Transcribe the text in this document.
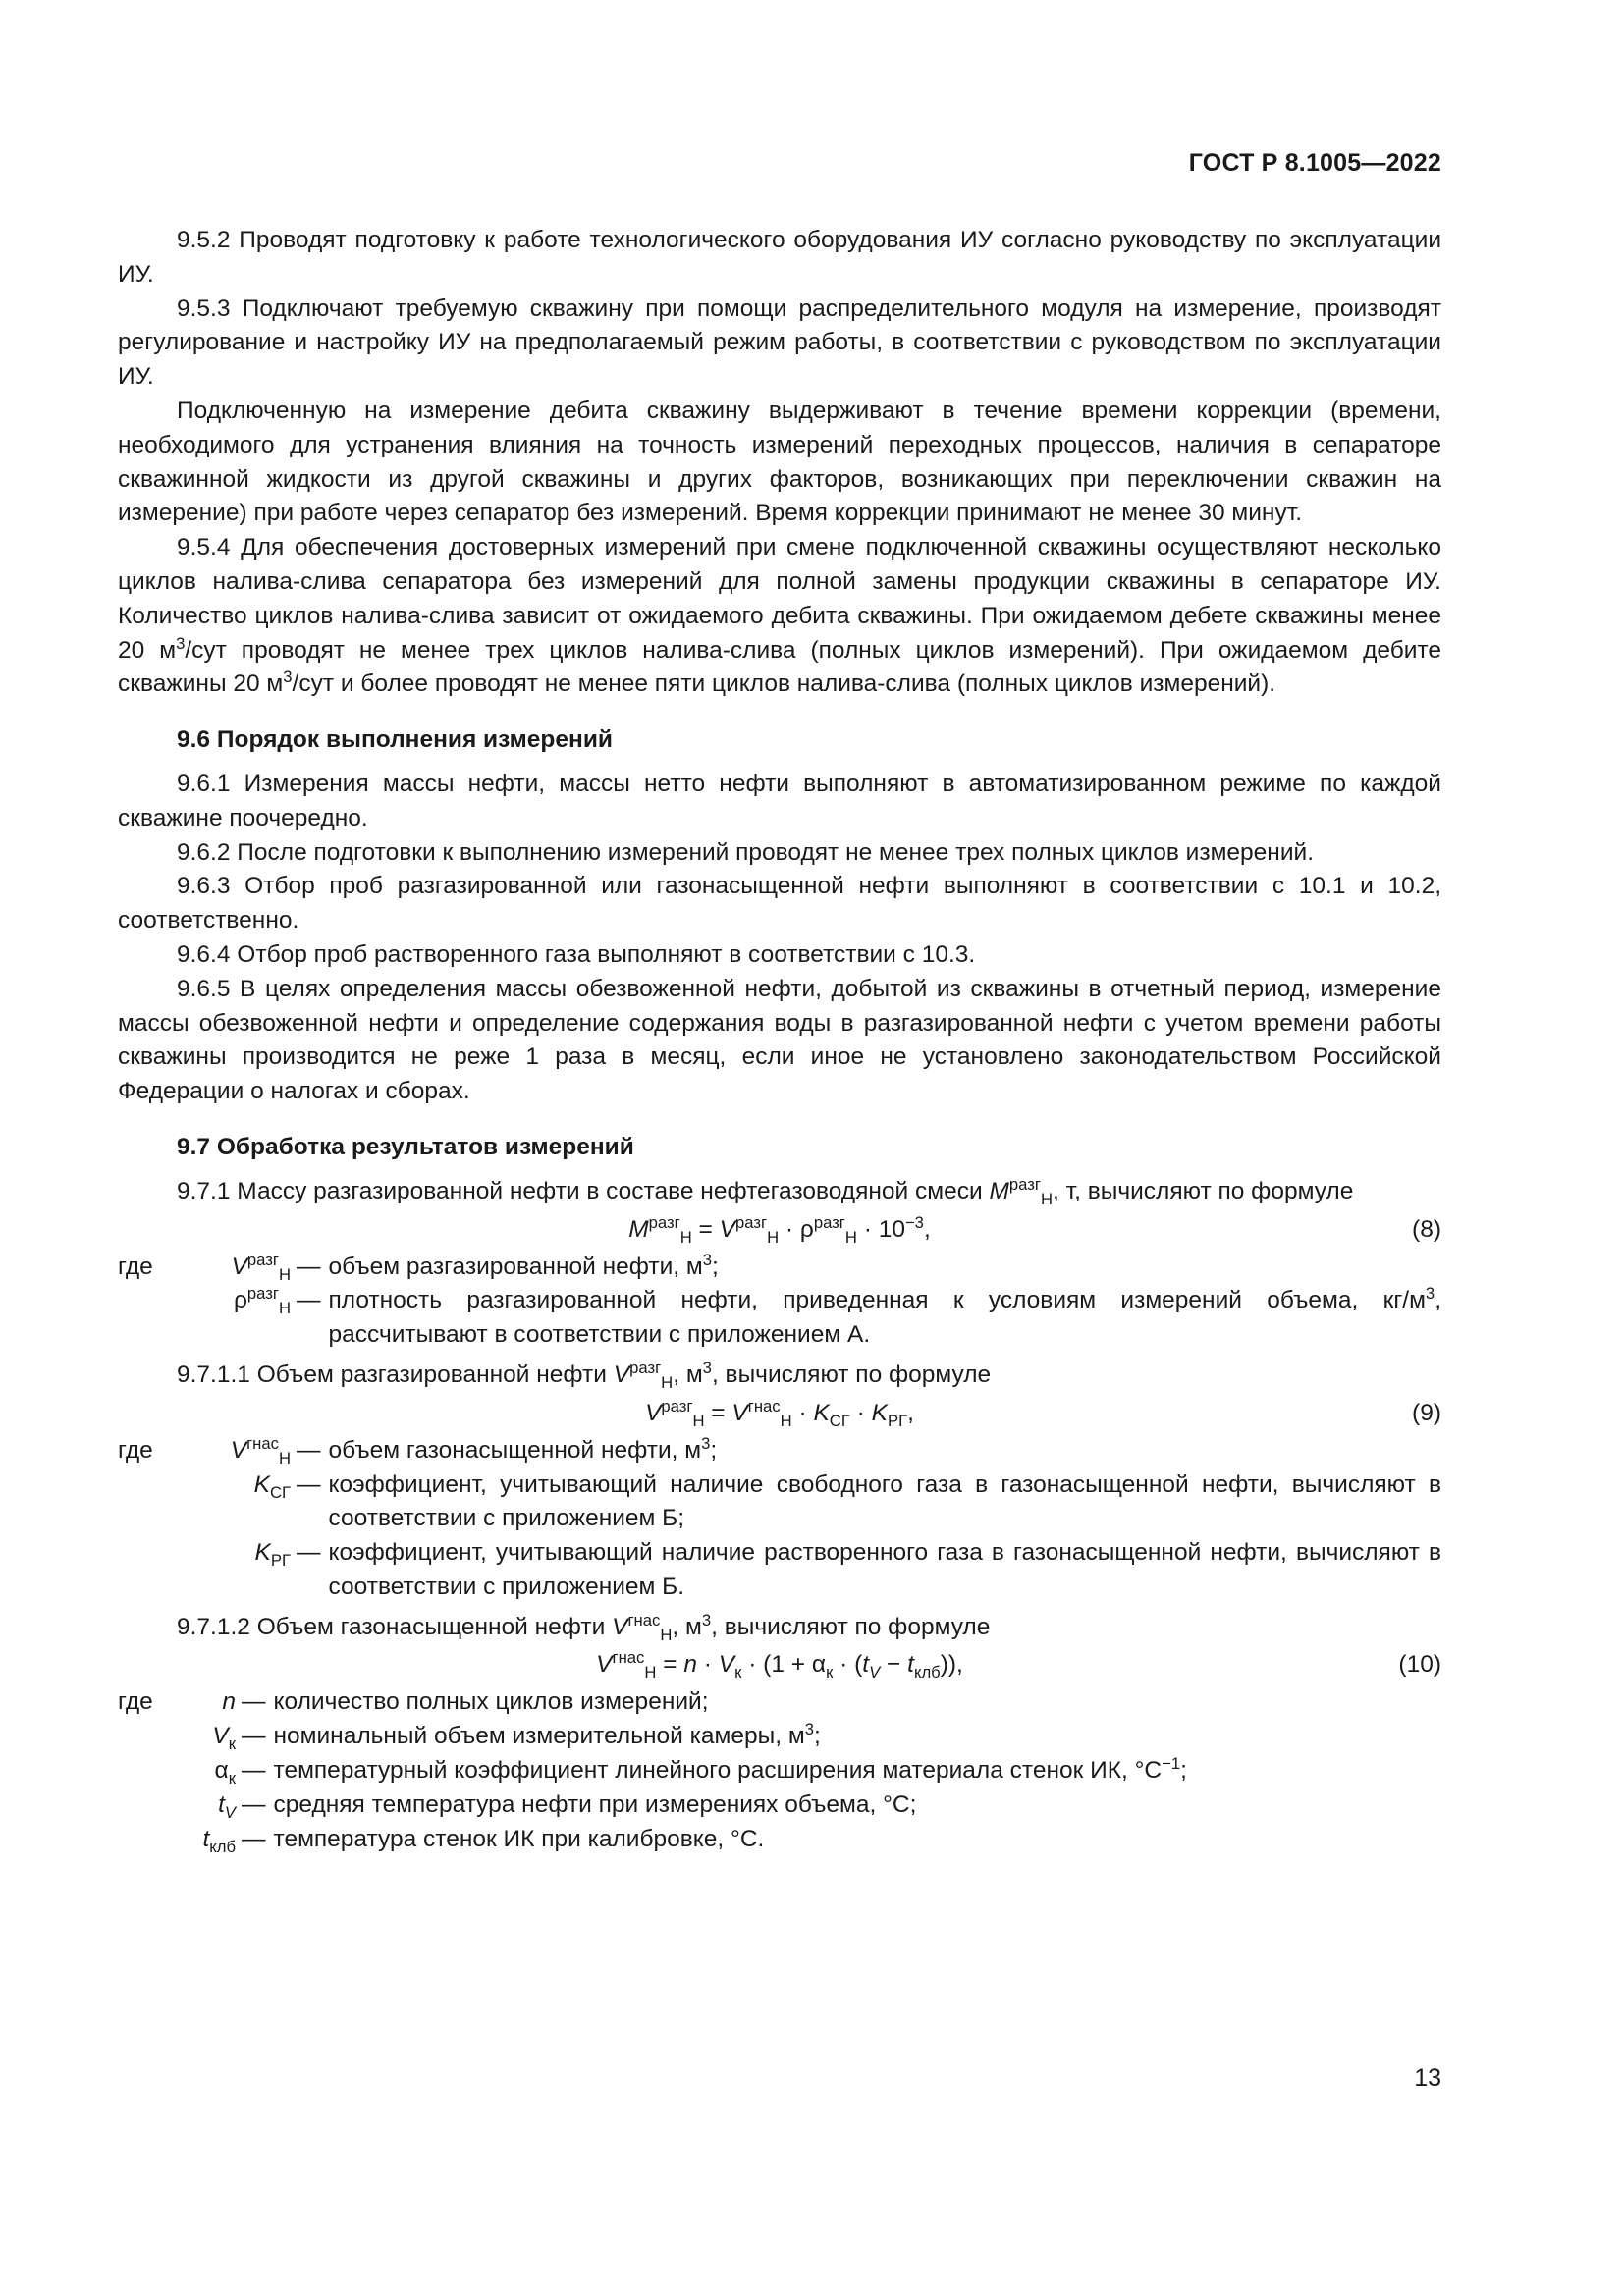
ГОСТ Р 8.1005—2022

9.5.2 Проводят подготовку к работе технологического оборудования ИУ согласно руководству по эксплуатации ИУ.

9.5.3 Подключают требуемую скважину при помощи распределительного модуля на измерение, производят регулирование и настройку ИУ на предполагаемый режим работы, в соответствии с руководством по эксплуатации ИУ.

Подключенную на измерение дебита скважину выдерживают в течение времени коррекции (времени, необходимого для устранения влияния на точность измерений переходных процессов, наличия в сепараторе скважинной жидкости из другой скважины и других факторов, возникающих при переключении скважин на измерение) при работе через сепаратор без измерений. Время коррекции принимают не менее 30 минут.

9.5.4 Для обеспечения достоверных измерений при смене подключенной скважины осуществляют несколько циклов налива-слива сепаратора без измерений для полной замены продукции скважины в сепараторе ИУ. Количество циклов налива-слива зависит от ожидаемого дебита скважины. При ожидаемом дебете скважины менее 20 $м^3$/сут проводят не менее трех циклов налива-слива (полных циклов измерений). При ожидаемом дебите скважины 20 $м^3$/сут и более проводят не менее пяти циклов налива-слива (полных циклов измерений).

9.6 Порядок выполнения измерений

9.6.1 Измерения массы нефти, массы нетто нефти выполняют в автоматизированном режиме по каждой скважине поочередно.

9.6.2 После подготовки к выполнению измерений проводят не менее трех полных циклов измерений.

9.6.3 Отбор проб разгазированной или газонасыщенной нефти выполняют в соответствии с 10.1 и 10.2, соответственно.

9.6.4 Отбор проб растворенного газа выполняют в соответствии с 10.3.

9.6.5 В целях определения массы обезвоженной нефти, добытой из скважины в отчетный период, измерение массы обезвоженной нефти и определение содержания воды в разгазированной нефти с учетом времени работы скважины производится не реже 1 раза в месяц, если иное не установлено законодательством Российской Федерации о налогах и сборах.

9.7 Обработка результатов измерений

9.7.1 Массу разгазированной нефти в составе нефтегазоводяной смеси $M^{разг}_Н$, т, вычисляют по формуле

$M^{разг}_Н = V^{разг}_Н \cdot \rho^{разг}_Н \cdot 10^{-3}$,	(8)
где	$V^{разг}_Н$ — объем разгазированной нефти, $м^3$;
$\rho^{разг}_Н$ — плотность разгазированной нефти, приведенная к условиям измерений объема, $кг/м^3$, рассчитывают в соответствии с приложением А.

9.7.1.1 Объем разгазированной нефти $V^{разг}_Н$, $м^3$, вычисляют по формуле

$V^{разг}_Н = V^{гнас}_Н \cdot K_{СГ} \cdot K_{РГ}$,	(9)
где	$V^{гнас}_Н$ — объем газонасыщенной нефти, $м^3$;
$K_{СГ}$ — коэффициент, учитывающий наличие свободного газа в газонасыщенной нефти, вычисляют в соответствии с приложением Б;
$K_{РГ}$ — коэффициент, учитывающий наличие растворенного газа в газонасыщенной нефти, вычисляют в соответствии с приложением Б.

9.7.1.2 Объем газонасыщенной нефти $V^{гнас}_Н$, $м^3$, вычисляют по формуле

$V^{гнас}_Н = n \cdot V_к \cdot (1 + \alpha_к \cdot (t_V - t_{клб}))$,	(10)
где	n — количество полных циклов измерений;
$V_к$ — номинальный объем измерительной камеры, $м^3$;
$\alpha_к$ — температурный коэффициент линейного расширения материала стенок ИК, $^\circ С^{-1}$;
$t_V$ — средняя температура нефти при измерениях объема, °С;
$t_{клб}$ — температура стенок ИК при калибровке, °С.
13
